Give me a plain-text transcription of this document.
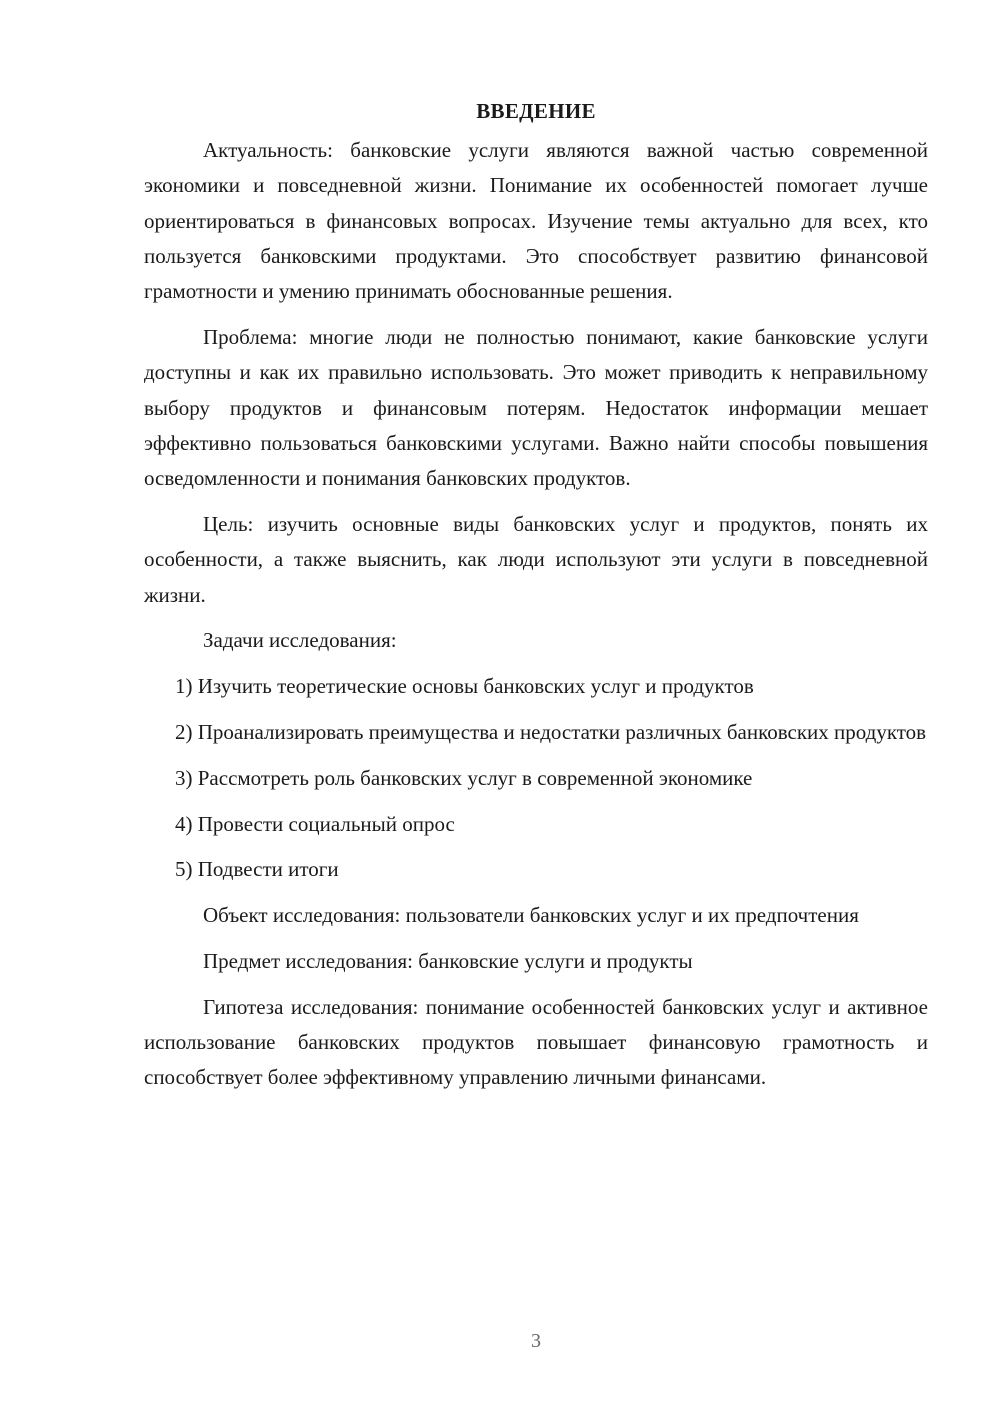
ВВЕДЕНИЕ

Актуальность: банковские услуги являются важной частью современной экономики и повседневной жизни. Понимание их особенностей помогает лучше ориентироваться в финансовых вопросах. Изучение темы актуально для всех, кто пользуется банковскими продуктами. Это способствует развитию финансовой грамотности и умению принимать обоснованные решения.

Проблема: многие люди не полностью понимают, какие банковские услуги доступны и как их правильно использовать. Это может приводить к неправильному выбору продуктов и финансовым потерям. Недостаток информации мешает эффективно пользоваться банковскими услугами. Важно найти способы повышения осведомленности и понимания банковских продуктов.

Цель: изучить основные виды банковских услуг и продуктов, понять их особенности, а также выяснить, как люди используют эти услуги в повседневной жизни.

Задачи исследования:

1) Изучить теоретические основы банковских услуг и продуктов

2) Проанализировать преимущества и недостатки различных банковских продуктов

3) Рассмотреть роль банковских услуг в современной экономике

4) Провести социальный опрос

5) Подвести итоги

Объект исследования: пользователи банковских услуг и их предпочтения

Предмет исследования: банковские услуги и продукты

Гипотеза исследования: понимание особенностей банковских услуг и активное использование банковских продуктов повышает финансовую грамотность и способствует более эффективному управлению личными финансами.

3
